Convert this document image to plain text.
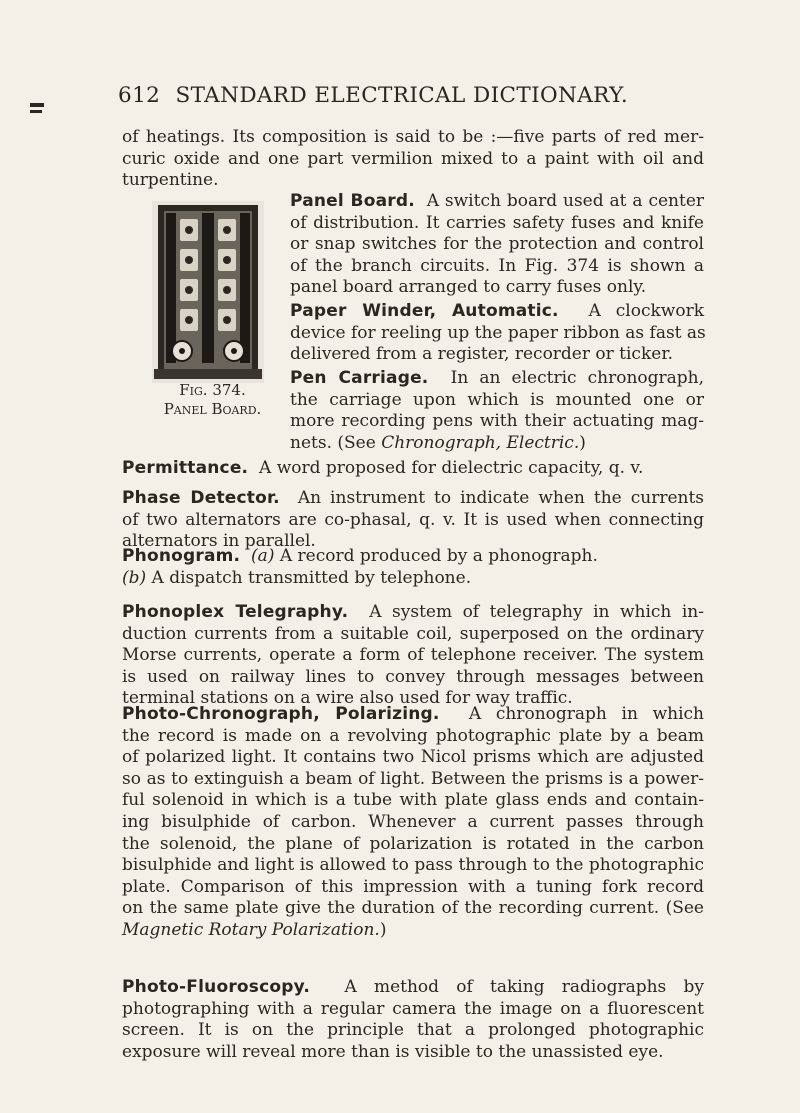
612 STANDARD ELECTRICAL DICTIONARY.
of heatings. Its composition is said to be :—five parts of red mer-
curic oxide and one part vermilion mixed to a paint with oil and
turpentine.
Fig. 374.
Panel Board.
Panel Board. A switch board used at a center
of distribution. It carries safety fuses and knife
or snap switches for the protection and control
of the branch circuits. In Fig. 374 is shown a
panel board arranged to carry fuses only.
Paper Winder, Automatic. A clockwork
device for reeling up the paper ribbon as fast as
delivered from a register, recorder or ticker.
Pen Carriage. In an electric chronograph,
the carriage upon which is mounted one or
more recording pens with their actuating mag-
nets. (See Chronograph, Electric.)
Permittance. A word proposed for dielectric capacity, q. v.
Phase Detector. An instrument to indicate when the currents
of two alternators are co-phasal, q. v. It is used when connecting
alternators in parallel.
Phonogram. (a) A record produced by a phonograph.
(b) A dispatch transmitted by telephone.
Phonoplex Telegraphy. A system of telegraphy in which in-
duction currents from a suitable coil, superposed on the ordinary
Morse currents, operate a form of telephone receiver. The system
is used on railway lines to convey through messages between
terminal stations on a wire also used for way traffic.
Photo-Chronograph, Polarizing. A chronograph in which
the record is made on a revolving photographic plate by a beam
of polarized light. It contains two Nicol prisms which are adjusted
so as to extinguish a beam of light. Between the prisms is a power-
ful solenoid in which is a tube with plate glass ends and contain-
ing bisulphide of carbon. Whenever a current passes through
the solenoid, the plane of polarization is rotated in the carbon
bisulphide and light is allowed to pass through to the photographic
plate. Comparison of this impression with a tuning fork record
on the same plate give the duration of the recording current. (See
Magnetic Rotary Polarization.)
Photo-Fluoroscopy. A method of taking radiographs by
photographing with a regular camera the image on a fluorescent
screen. It is on the principle that a prolonged photographic
exposure will reveal more than is visible to the unassisted eye.
